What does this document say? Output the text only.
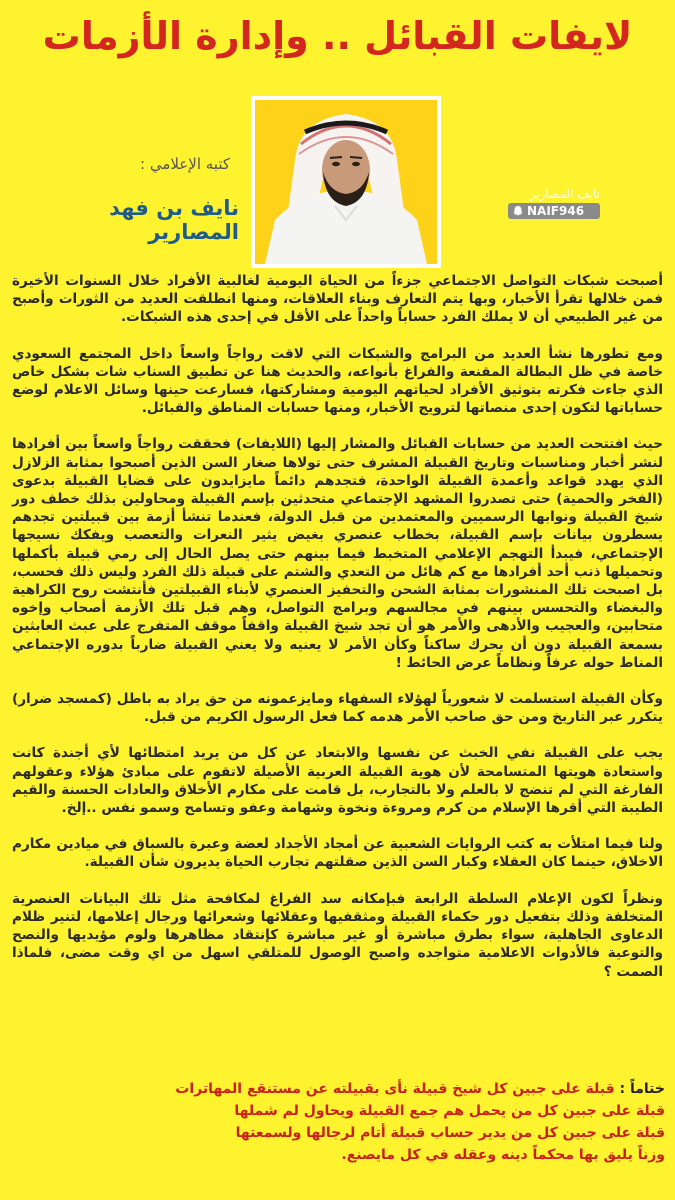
لايفات القبائل .. وإدارة الأزمات
كتبه الإعلامي :
نايف بن فهد المصارير
نايف المصارير
NAIF946

أصبحت شبكات التواصل الاجتماعي جزءاً من الحياة اليومية لغالبية الأفراد خلال السنوات الأخيرة فمن خلالها تقرأ الأخبار، وبها يتم التعارف وبناء العلاقات، ومنها انطلقت العديد من الثورات وأصبح من غير الطبيعي أن لا يملك الفرد حساباً واحداً على الأقل في إحدى هذه الشبكات.

ومع تطورها نشأ العديد من البرامج والشبكات التي لاقت رواجاً واسعاً داخل المجتمع السعودي خاصة في ظل البطالة المقنعة والفراغ بأنواعه، والحديث هنا عن تطبيق السناب شات بشكل خاص الذي جاءت فكرته بتوثيق الأفراد لحياتهم اليومية ومشاركتها، فسارعت حينها وسائل الاعلام لوضع حساباتها لتكون إحدى منصاتها لترويج الأخبار، ومنها حسابات المناطق والقبائل.

حيث افتتحت العديد من حسابات القبائل والمشار إليها (اللايفات) فحققت رواجاً واسعاً بين أفرادها لنشر أخبار ومناسبات وتاريخ القبيلة المشرف حتى تولاها صغار السن الذين أصبحوا بمثابة الزلازل الذي يهدد قواعد وأعمدة القبيلة الواحدة، فتجدهم دائماً مايزايدون على قضايا القبيلة بدعوى (الفخر والحمية) حتى تصدروا المشهد الإجتماعي متحدثين بإسم القبيلة ومحاولين بذلك خطف دور شيخ القبيلة ونوابها الرسميين والمعتمدين من قبل الدولة، فعندما تنشأ أزمة بين قبيلتين تجدهم يسطرون بيانات بإسم القبيلة، بخطاب عنصري بغيض يثير النعرات والتعصب ويفكك نسيجها الإجتماعي، فيبدأ التهجم الإعلامي المتخبط فيما بينهم حتى يصل الحال إلى رمي قبيلة بأكملها وتحميلها ذنب أحد أفرادها مع كم هائل من التعدي والشتم على قبيلة ذلك الفرد وليس ذلك فحسب، بل اصبحت تلك المنشورات بمثابة الشحن والتحفيز العنصري لأبناء القبيلتين فأنتشت روح الكراهية والبغضاء والتحسس بينهم في مجالسهم وبرامج التواصل، وهم قبل تلك الأزمة أصحاب وإخوه متحابين، والعجيب والأدهى والأمر هو أن تجد شيخ القبيلة واقفاً موقف المتفرج على عبث العابثين بسمعة القبيلة دون أن يحرك ساكناً وكأن الأمر لا يعنيه ولا يعني القبيلة ضارباً بدوره الإجتماعي المناط حوله عرفاً ونظاماً عرض الحائط !

وكأن القبيلة استسلمت لا شعورياً لهؤلاء السفهاء ومايزعمونه من حق يراد به باطل (كمسجد ضرار) يتكرر عبر التاريخ ومن حق صاحب الأمر هدمه كما فعل الرسول الكريم من قبل.

يجب على القبيلة نفي الخبث عن نفسها والابتعاد عن كل من يريد امتطائها لأي أجندة كانت واستعادة هويتها المتسامحة لأن هوية القبيلة العربية الأصيلة لاتقوم على مبادئ هؤلاء وعقولهم الفارغة التي لم تنضج لا بالعلم ولا بالتجارب، بل قامت على مكارم الأخلاق والعادات الحسنة والقيم الطيبة التي أقرها الإسلام من كرم ومروءة ونخوة وشهامة وعفو وتسامح وسمو نفس ..إلخ.

ولنا فيما امتلأت به كتب الروايات الشعبية عن أمجاد الأجداد لعضة وعبرة بالسباق في ميادين مكارم الاخلاق، حينما كان العقلاء وكبار السن الذين صقلتهم تجارب الحياة يديرون شأن القبيلة.

ونظراً لكون الإعلام السلطة الرابعة فبإمكانه سد الفراغ لمكافحة مثل تلك البيانات العنصرية المتخلفة وذلك بتفعيل دور حكماء القبيلة ومثقفيها وعقلائها وشعرائها ورجال إعلامها، لتنير ظلام الدعاوى الجاهلية، سواء بطرق مباشرة أو غير مباشرة كإنتقاد مظاهرها ولوم مؤيديها والنصح والتوعية فالأدوات الاعلامية متواجده واصبح الوصول للمتلقي اسهل من اي وقت مضى، فلماذا الصمت ؟

ختاماً : قبلة على جبين كل شيخ قبيلة نأى بقبيلته عن مستنقع المهاترات
قبلة على جبين كل من يحمل هم جمع القبيلة ويحاول لم شملها
قبلة على جبين كل من يدير حساب قبيلة أتام لرجالها ولسمعتها
وزناً يليق بها محكماً دينه وعقله في كل مايصنع.
